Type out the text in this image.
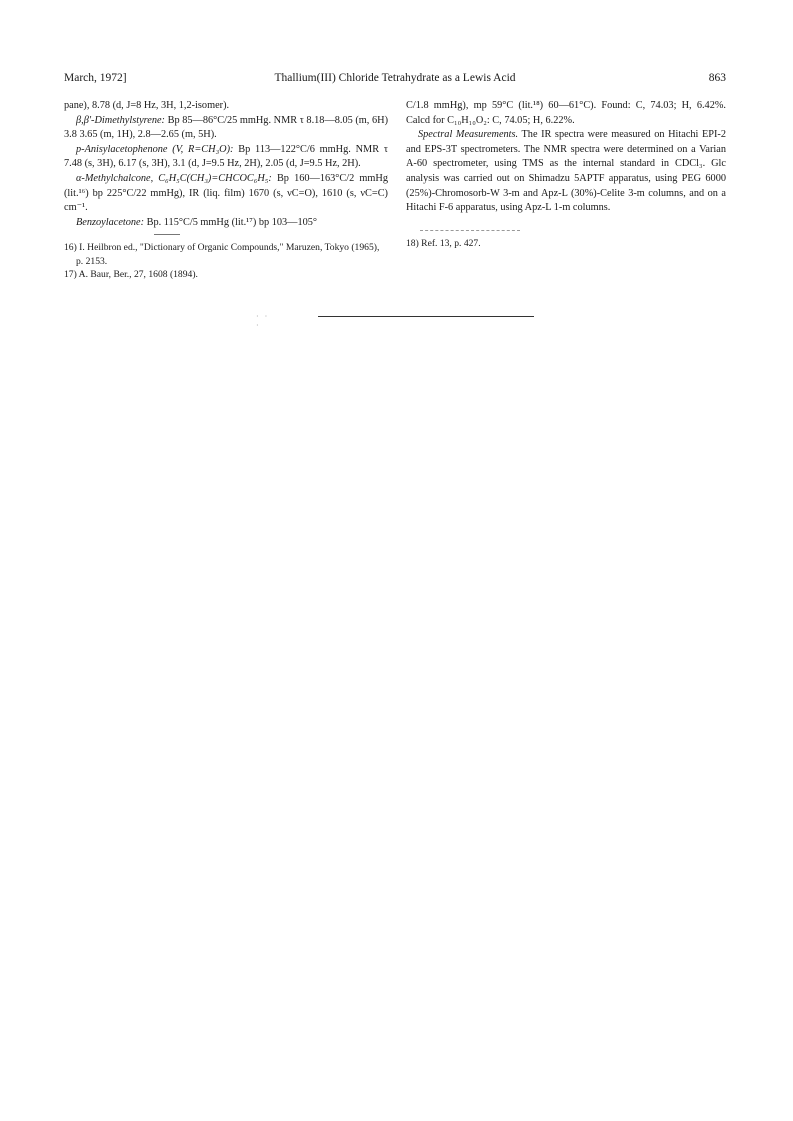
March, 1972]	Thallium(III) Chloride Tetrahydrate as a Lewis Acid	863

pane), 8.78 (d, J=8 Hz, 3H, 1,2-isomer).

β,β'-Dimethylstyrene: Bp 85—86°C/25 mmHg. NMR τ 8.18—8.05 (m, 6H) 3.8 3.65 (m, 1H), 2.8—2.65 (m, 5H).

p-Anisylacetophenone (V, R=CH₃O): Bp 113—122°C/6 mmHg. NMR τ 7.48 (s, 3H), 6.17 (s, 3H), 3.1 (d, J=9.5 Hz, 2H), 2.05 (d, J=9.5 Hz, 2H).

α-Methylchalcone, C₆H₅C(CH₃)=CHCOC₆H₅: Bp 160—163°C/2 mmHg (lit.¹⁶) bp 225°C/22 mmHg), IR (liq. film) 1670 (s, νC=O), 1610 (s, νC=C) cm⁻¹.

Benzoylacetone: Bp. 115°C/5 mmHg (lit.¹⁷) bp 103—105°

16) I. Heilbron ed., "Dictionary of Organic Compounds," Maruzen, Tokyo (1965), p. 2153.

17) A. Baur, Ber., 27, 1608 (1894).

C/1.8 mmHg), mp 59°C (lit.¹⁸) 60—61°C). Found: C, 74.03; H, 6.42%. Calcd for C₁₀H₁₀O₂: C, 74.05; H, 6.22%.

Spectral Measurements. The IR spectra were measured on Hitachi EPI-2 and EPS-3T spectrometers. The NMR spectra were determined on a Varian A-60 spectrometer, using TMS as the internal standard in CDCl₃. Glc analysis was carried out on Shimadzu 5APTF apparatus, using PEG 6000 (25%)-Chromosorb-W 3-m and Apz-L (30%)-Celite 3-m columns, and on a Hitachi F-6 apparatus, using Apz-L 1-m columns.

18) Ref. 13, p. 427.

· · ·
